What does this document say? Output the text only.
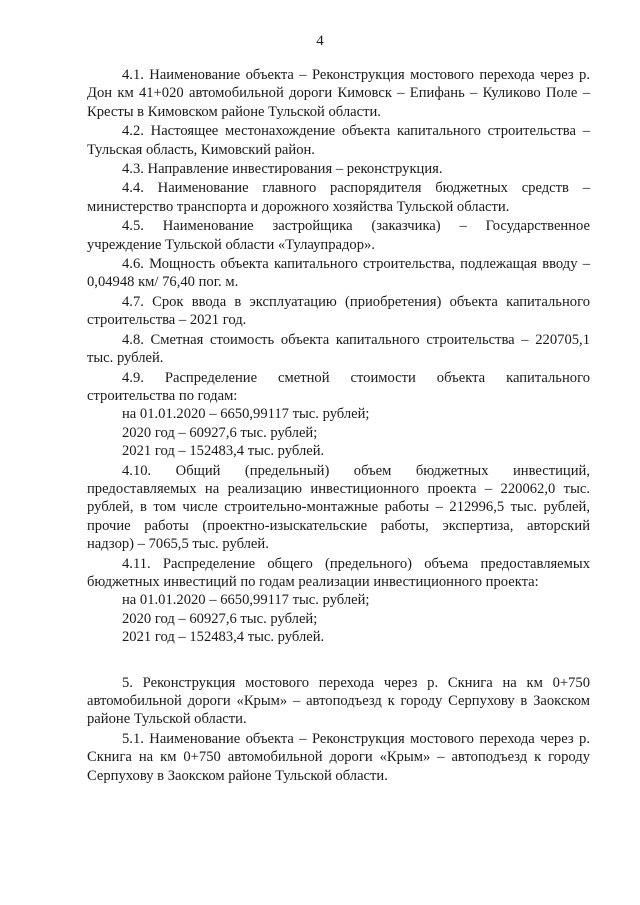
4

4.1. Наименование объекта – Реконструкция мостового перехода через р. Дон км 41+020 автомобильной дороги Кимовск – Епифань – Куликово Поле – Кресты в Кимовском районе Тульской области.

4.2. Настоящее местонахождение объекта капитального строительства – Тульская область, Кимовский район.

4.3. Направление инвестирования – реконструкция.

4.4. Наименование главного распорядителя бюджетных средств – министерство транспорта и дорожного хозяйства Тульской области.

4.5. Наименование застройщика (заказчика) – Государственное учреждение Тульской области «Тулаупрадор».

4.6. Мощность объекта капитального строительства, подлежащая вводу – 0,04948 км/ 76,40 пог. м.

4.7. Срок ввода в эксплуатацию (приобретения) объекта капитального строительства – 2021 год.

4.8. Сметная стоимость объекта капитального строительства – 220705,1 тыс. рублей.

4.9. Распределение сметной стоимости объекта капитального строительства по годам:

на 01.01.2020 – 6650,99117 тыс. рублей;

2020 год – 60927,6 тыс. рублей;

2021 год – 152483,4 тыс. рублей.

4.10. Общий (предельный) объем бюджетных инвестиций, предоставляемых на реализацию инвестиционного проекта – 220062,0 тыс. рублей, в том числе строительно-монтажные работы – 212996,5 тыс. рублей, прочие работы (проектно-изыскательские работы, экспертиза, авторский надзор) – 7065,5 тыс. рублей.

4.11. Распределение общего (предельного) объема предоставляемых бюджетных инвестиций по годам реализации инвестиционного проекта:

на 01.01.2020 – 6650,99117 тыс. рублей;

2020 год – 60927,6 тыс. рублей;

2021 год – 152483,4 тыс. рублей.

5. Реконструкция мостового перехода через р. Скнига на км 0+750 автомобильной дороги «Крым» – автоподъезд к городу Серпухову в Заокском районе Тульской области.

5.1. Наименование объекта – Реконструкция мостового перехода через р. Скнига на км 0+750 автомобильной дороги «Крым» – автоподъезд к городу Серпухову в Заокском районе Тульской области.
